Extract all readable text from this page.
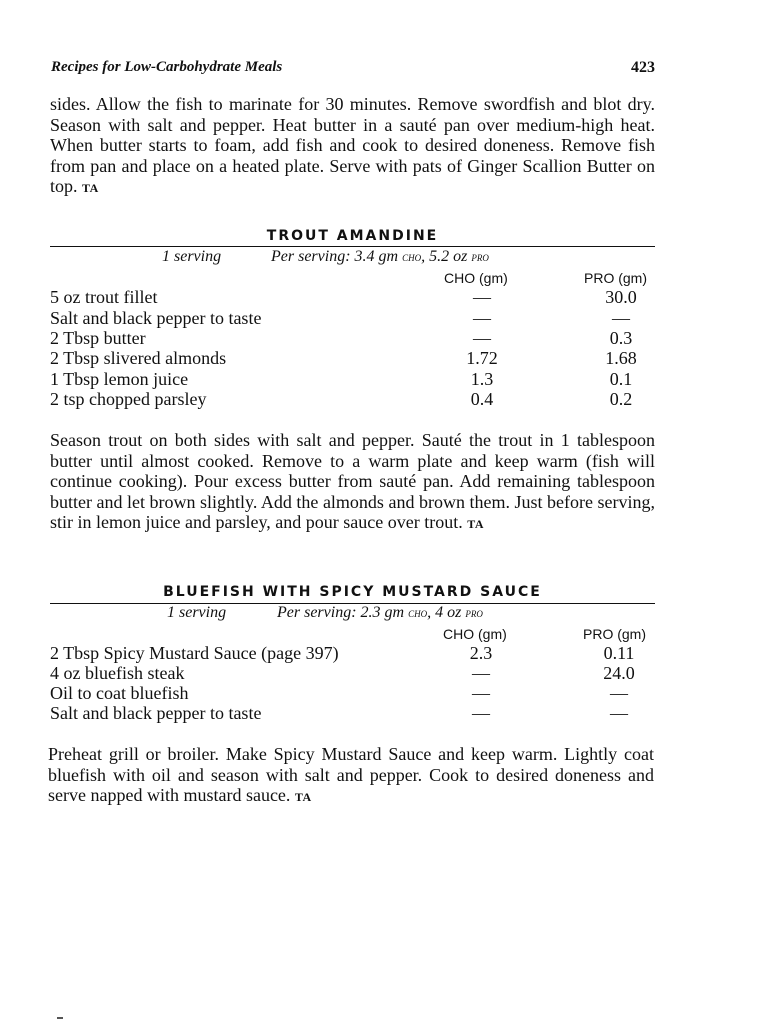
Recipes for Low-Carbohydrate Meals	423

sides. Allow the fish to marinate for 30 minutes. Remove swordfish and blot dry. Season with salt and pepper. Heat butter in a sauté pan over medium-high heat. When butter starts to foam, add fish and cook to desired doneness. Remove fish from pan and place on a heated plate. Serve with pats of Ginger Scallion Butter on top. TA

TROUT AMANDINE
1 serving	Per serving: 3.4 gm cho, 5.2 oz pro
CHO (gm)	PRO (gm)
5 oz trout fillet	—	30.0
Salt and black pepper to taste	—	—
2 Tbsp butter	—	0.3
2 Tbsp slivered almonds	1.72	1.68
1 Tbsp lemon juice	1.3	0.1
2 tsp chopped parsley	0.4	0.2

Season trout on both sides with salt and pepper. Sauté the trout in 1 tablespoon butter until almost cooked. Remove to a warm plate and keep warm (fish will continue cooking). Pour excess butter from sauté pan. Add remaining tablespoon butter and let brown slightly. Add the almonds and brown them. Just before serving, stir in lemon juice and parsley, and pour sauce over trout. TA

BLUEFISH WITH SPICY MUSTARD SAUCE
1 serving	Per serving: 2.3 gm cho, 4 oz pro
CHO (gm)	PRO (gm)
2 Tbsp Spicy Mustard Sauce (page 397)	2.3	0.11
4 oz bluefish steak	—	24.0
Oil to coat bluefish	—	—
Salt and black pepper to taste	—	—

Preheat grill or broiler. Make Spicy Mustard Sauce and keep warm. Lightly coat bluefish with oil and season with salt and pepper. Cook to desired doneness and serve napped with mustard sauce. TA
